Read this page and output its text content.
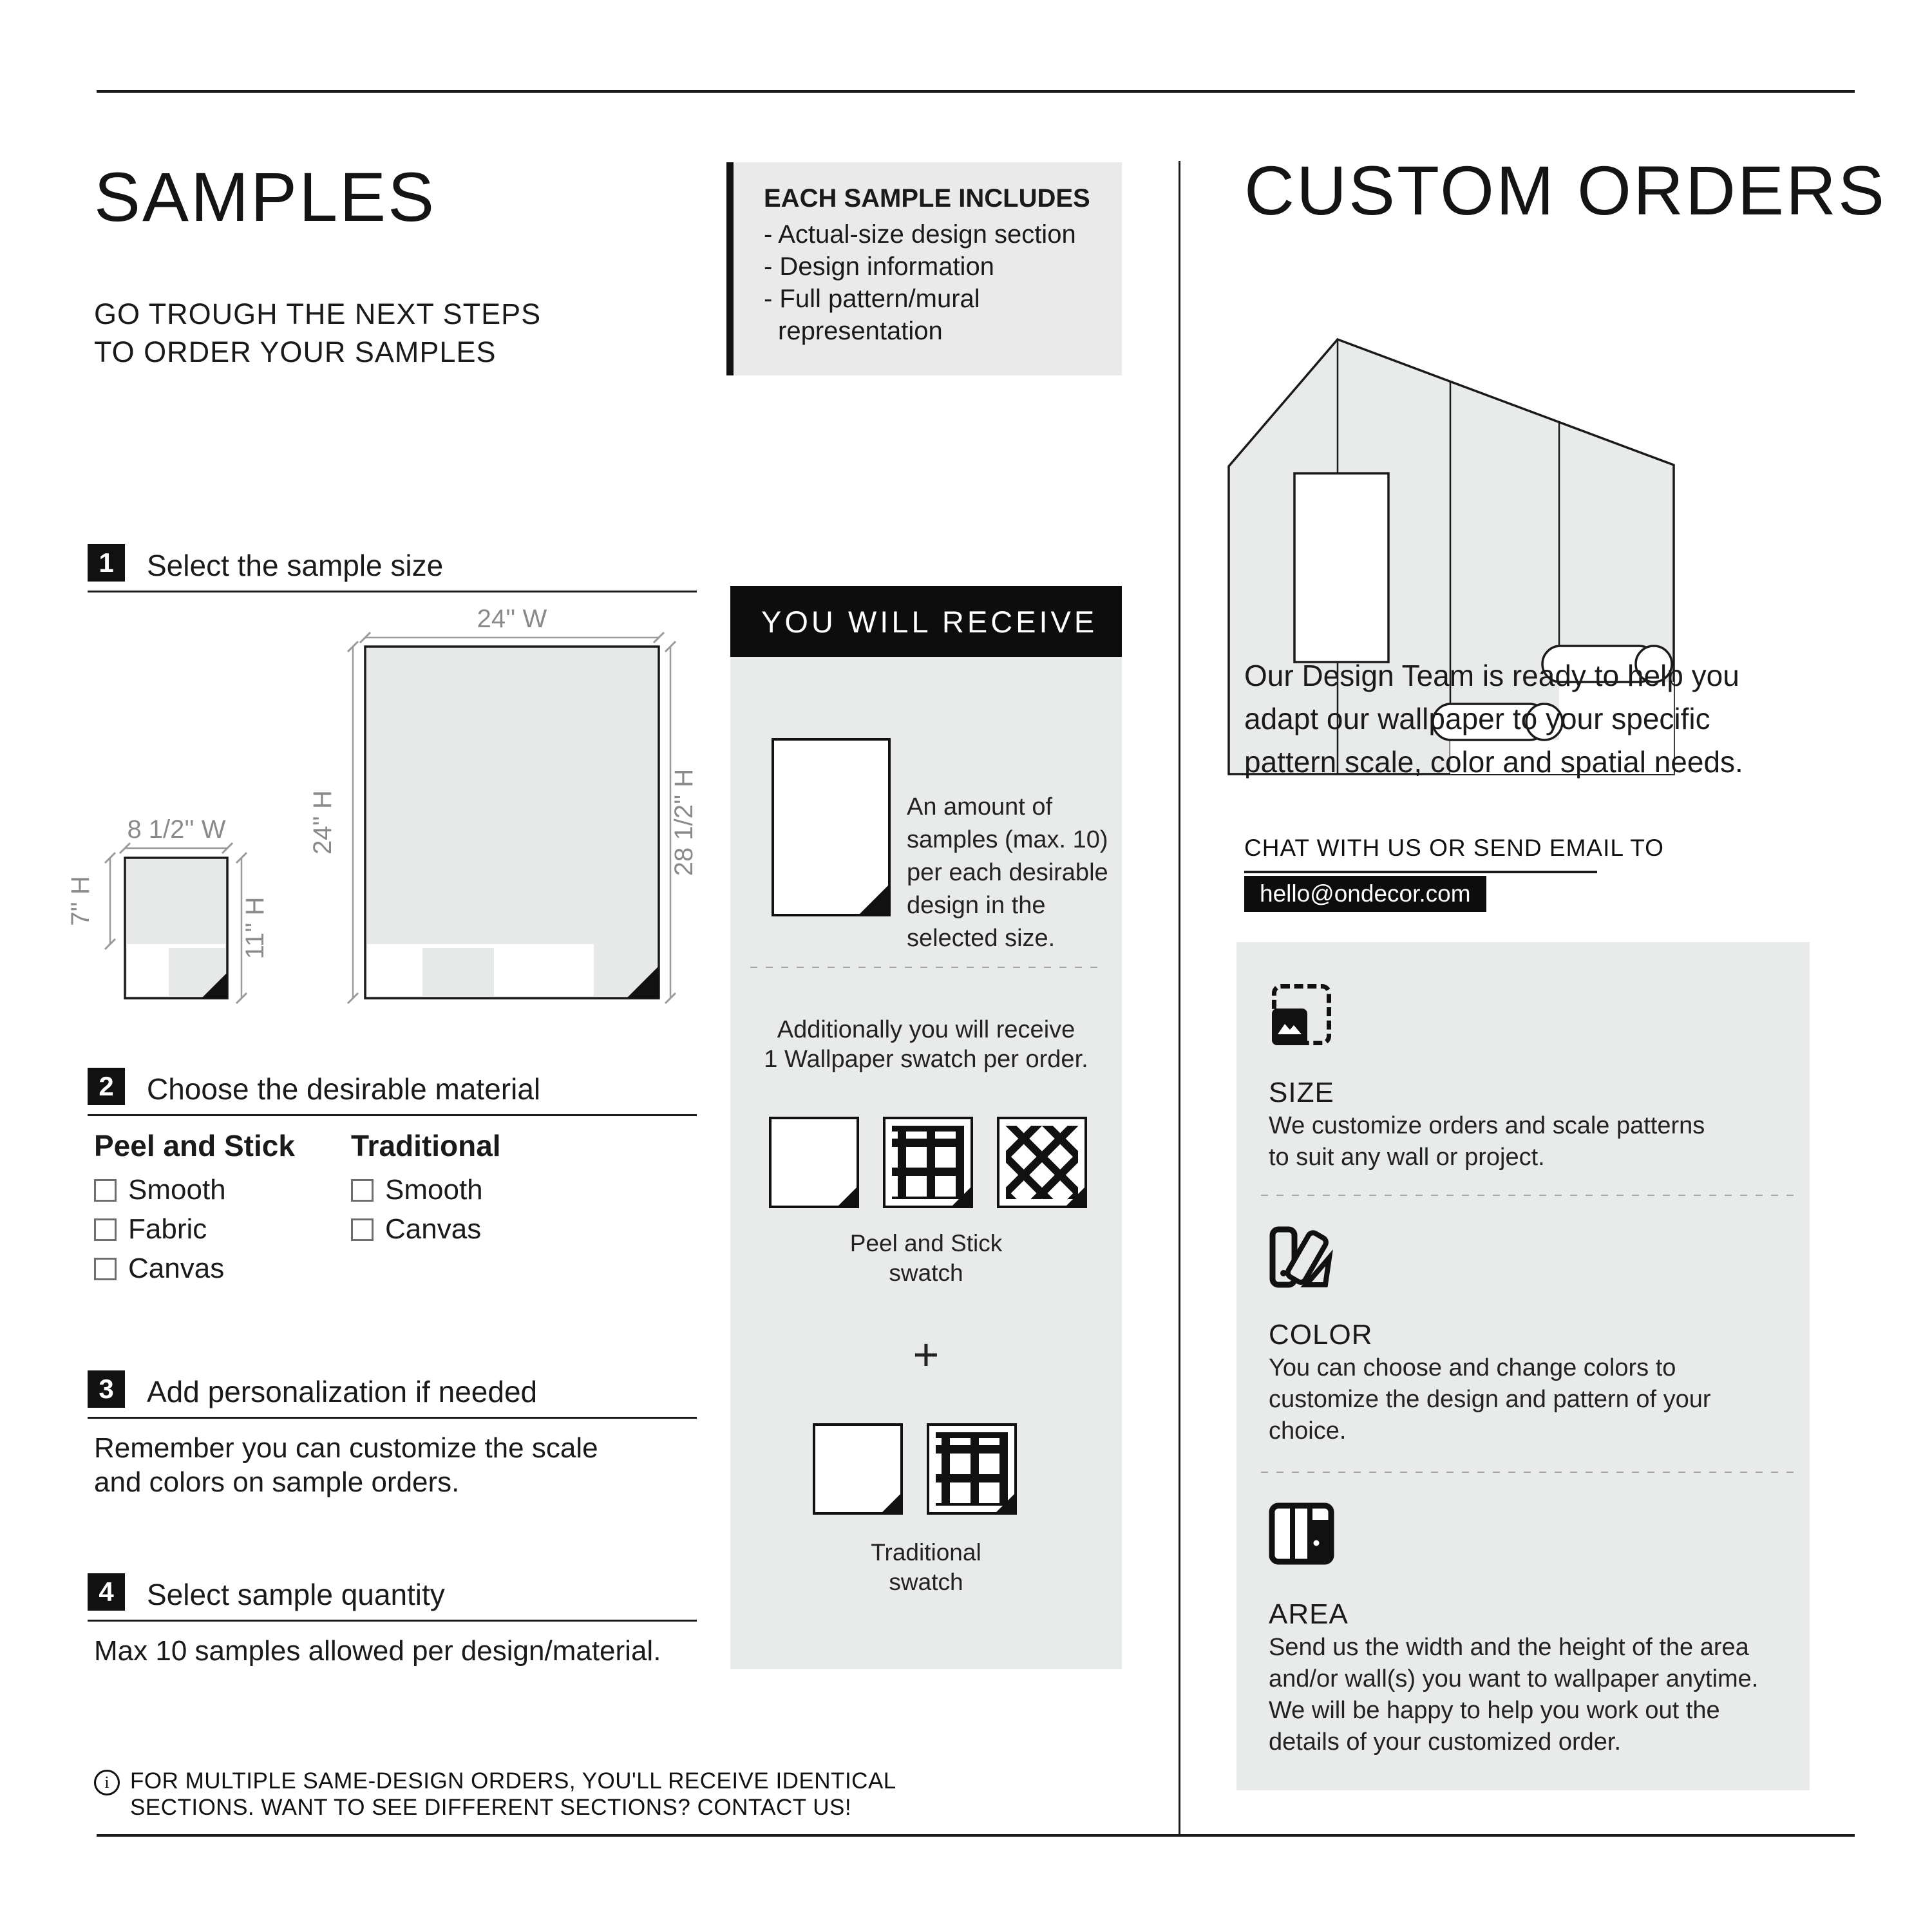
SAMPLES
GO TROUGH THE NEXT STEPS
TO ORDER YOUR SAMPLES
EACH SAMPLE INCLUDES
- Actual-size design section
- Design information
- Full pattern/mural
representation
1	Select the sample size
24'' W
24'' H	28 1/2'' H
8 1/2'' W
7'' H	11'' H
2	Choose the desirable material
Peel and Stick Traditional
Smooth
Fabric
Canvas
Smooth
Canvas
3	Add personalization if needed
Remember you can customize the scale
and colors on sample orders.
4	Select sample quantity
Max 10 samples allowed per design/material.
i FOR MULTIPLE SAME-DESIGN ORDERS, YOU'LL RECEIVE IDENTICAL
SECTIONS. WANT TO SEE DIFFERENT SECTIONS? CONTACT US!
YOU WILL RECEIVE
An amount of
samples (max. 10)
per each desirable
design in the
selected size.
Additionally you will receive
1 Wallpaper swatch per order.
Peel and Stick
swatch
+
Traditional
swatch
CUSTOM ORDERS
Our Design Team is ready to help you
adapt our wallpaper to your specific
pattern scale, color and spatial needs.
CHAT WITH US OR SEND EMAIL TO
hello@ondecor.com
SIZE
We customize orders and scale patterns
to suit any wall or project.
COLOR
You can choose and change colors to
customize the design and pattern of your
choice.
AREA
Send us the width and the height of the area
and/or wall(s) you want to wallpaper anytime.
We will be happy to help you work out the
details of your customized order.
